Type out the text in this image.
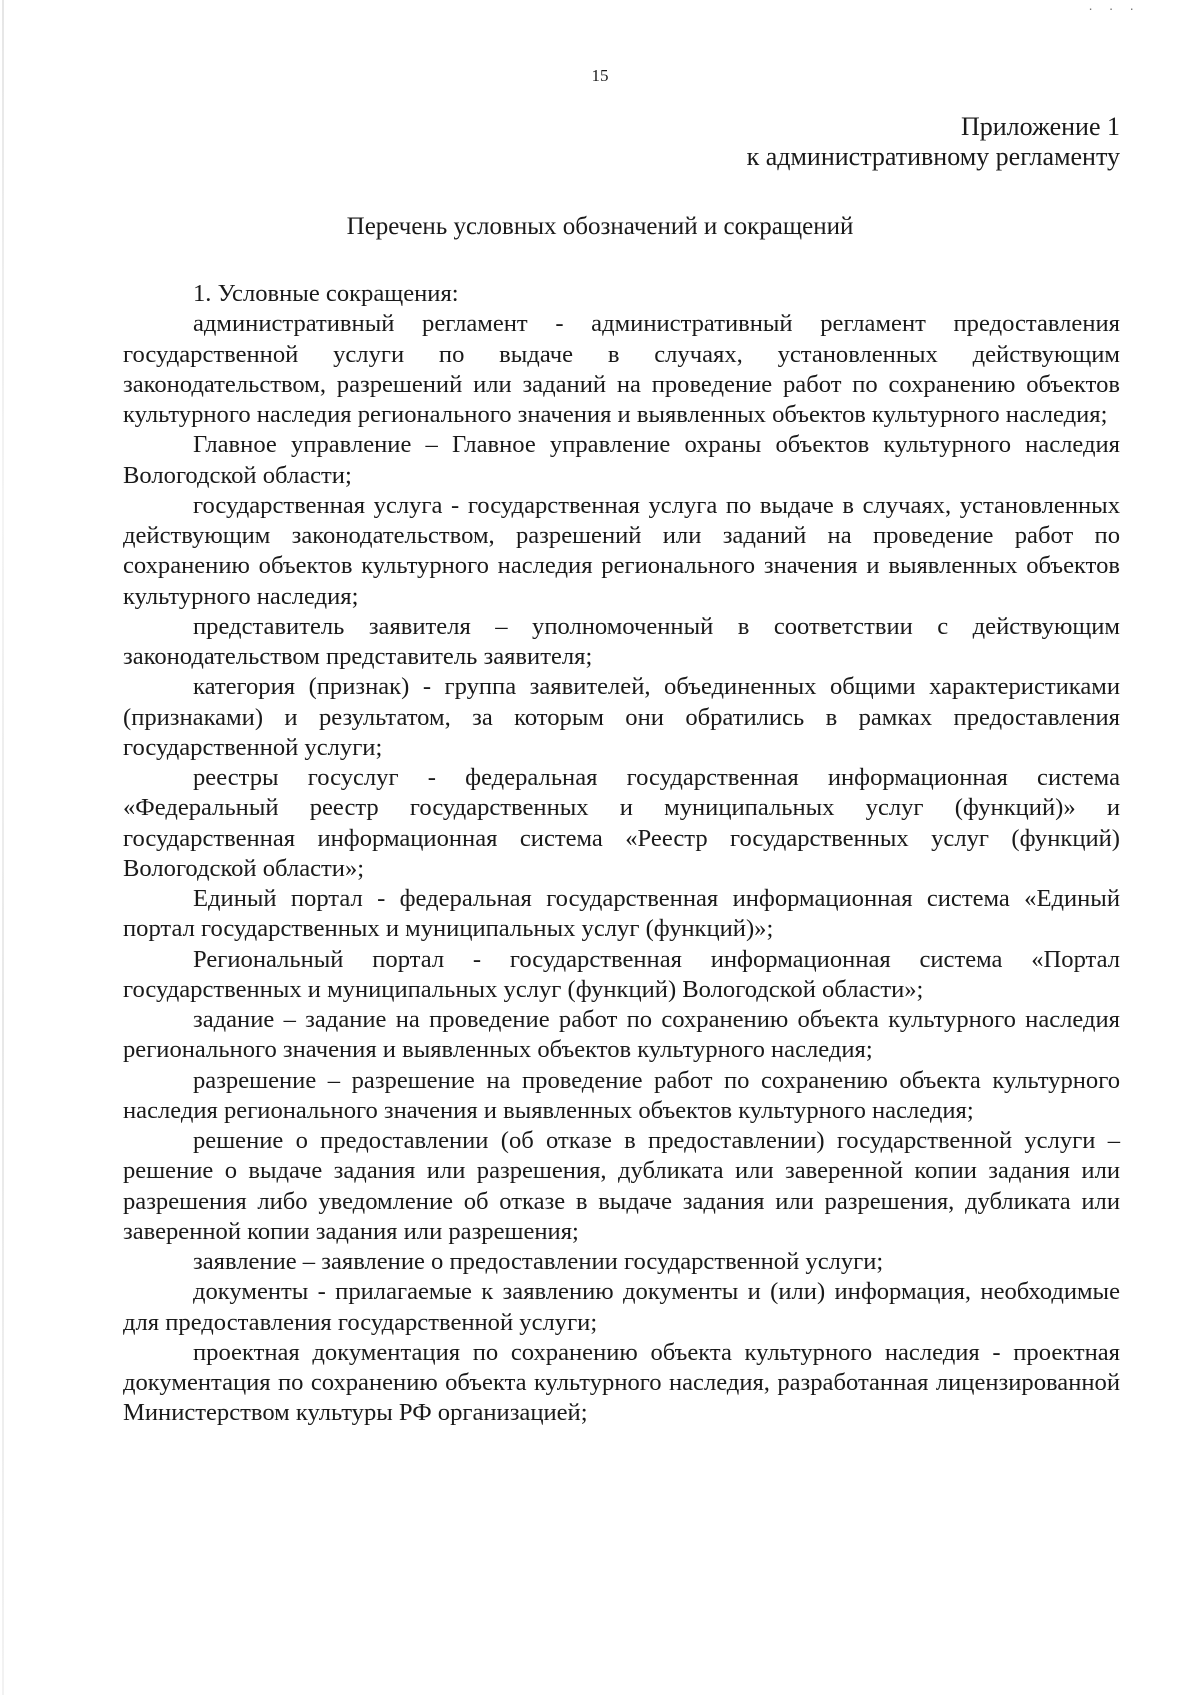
· · ·
15
Приложение 1
к административному регламенту
Перечень условных обозначений и сокращений
1. Условные сокращения:

административный регламент - административный регламент предоставления государственной услуги по выдаче в случаях, установленных действующим законодательством, разрешений или заданий на проведение работ по сохранению объектов культурного наследия регионального значения и выявленных объектов культурного наследия;

Главное управление – Главное управление охраны объектов культурного наследия Вологодской области;

государственная услуга - государственная услуга по выдаче в случаях, установленных действующим законодательством, разрешений или заданий на проведение работ по сохранению объектов культурного наследия регионального значения и выявленных объектов культурного наследия;

представитель заявителя – уполномоченный в соответствии с действующим законодательством представитель заявителя;

категория (признак) - группа заявителей, объединенных общими характеристиками (признаками) и результатом, за которым они обратились в рамках предоставления государственной услуги;

реестры госуслуг - федеральная государственная информационная система «Федеральный реестр государственных и муниципальных услуг (функций)» и государственная информационная система «Реестр государственных услуг (функций) Вологодской области»;

Единый портал - федеральная государственная информационная система «Единый портал государственных и муниципальных услуг (функций)»;

Региональный портал - государственная информационная система «Портал государственных и муниципальных услуг (функций) Вологодской области»;

задание – задание на проведение работ по сохранению объекта культурного наследия регионального значения и выявленных объектов культурного наследия;

разрешение – разрешение на проведение работ по сохранению объекта культурного наследия регионального значения и выявленных объектов культурного наследия;

решение о предоставлении (об отказе в предоставлении) государственной услуги – решение о выдаче задания или разрешения, дубликата или заверенной копии задания или разрешения либо уведомление об отказе в выдаче задания или разрешения, дубликата или заверенной копии задания или разрешения;

заявление – заявление о предоставлении государственной услуги;

документы - прилагаемые к заявлению документы и (или) информация, необходимые для предоставления государственной услуги;

проектная документация по сохранению объекта культурного наследия - проектная документация по сохранению объекта культурного наследия, разработанная лицензированной Министерством культуры РФ организацией;
